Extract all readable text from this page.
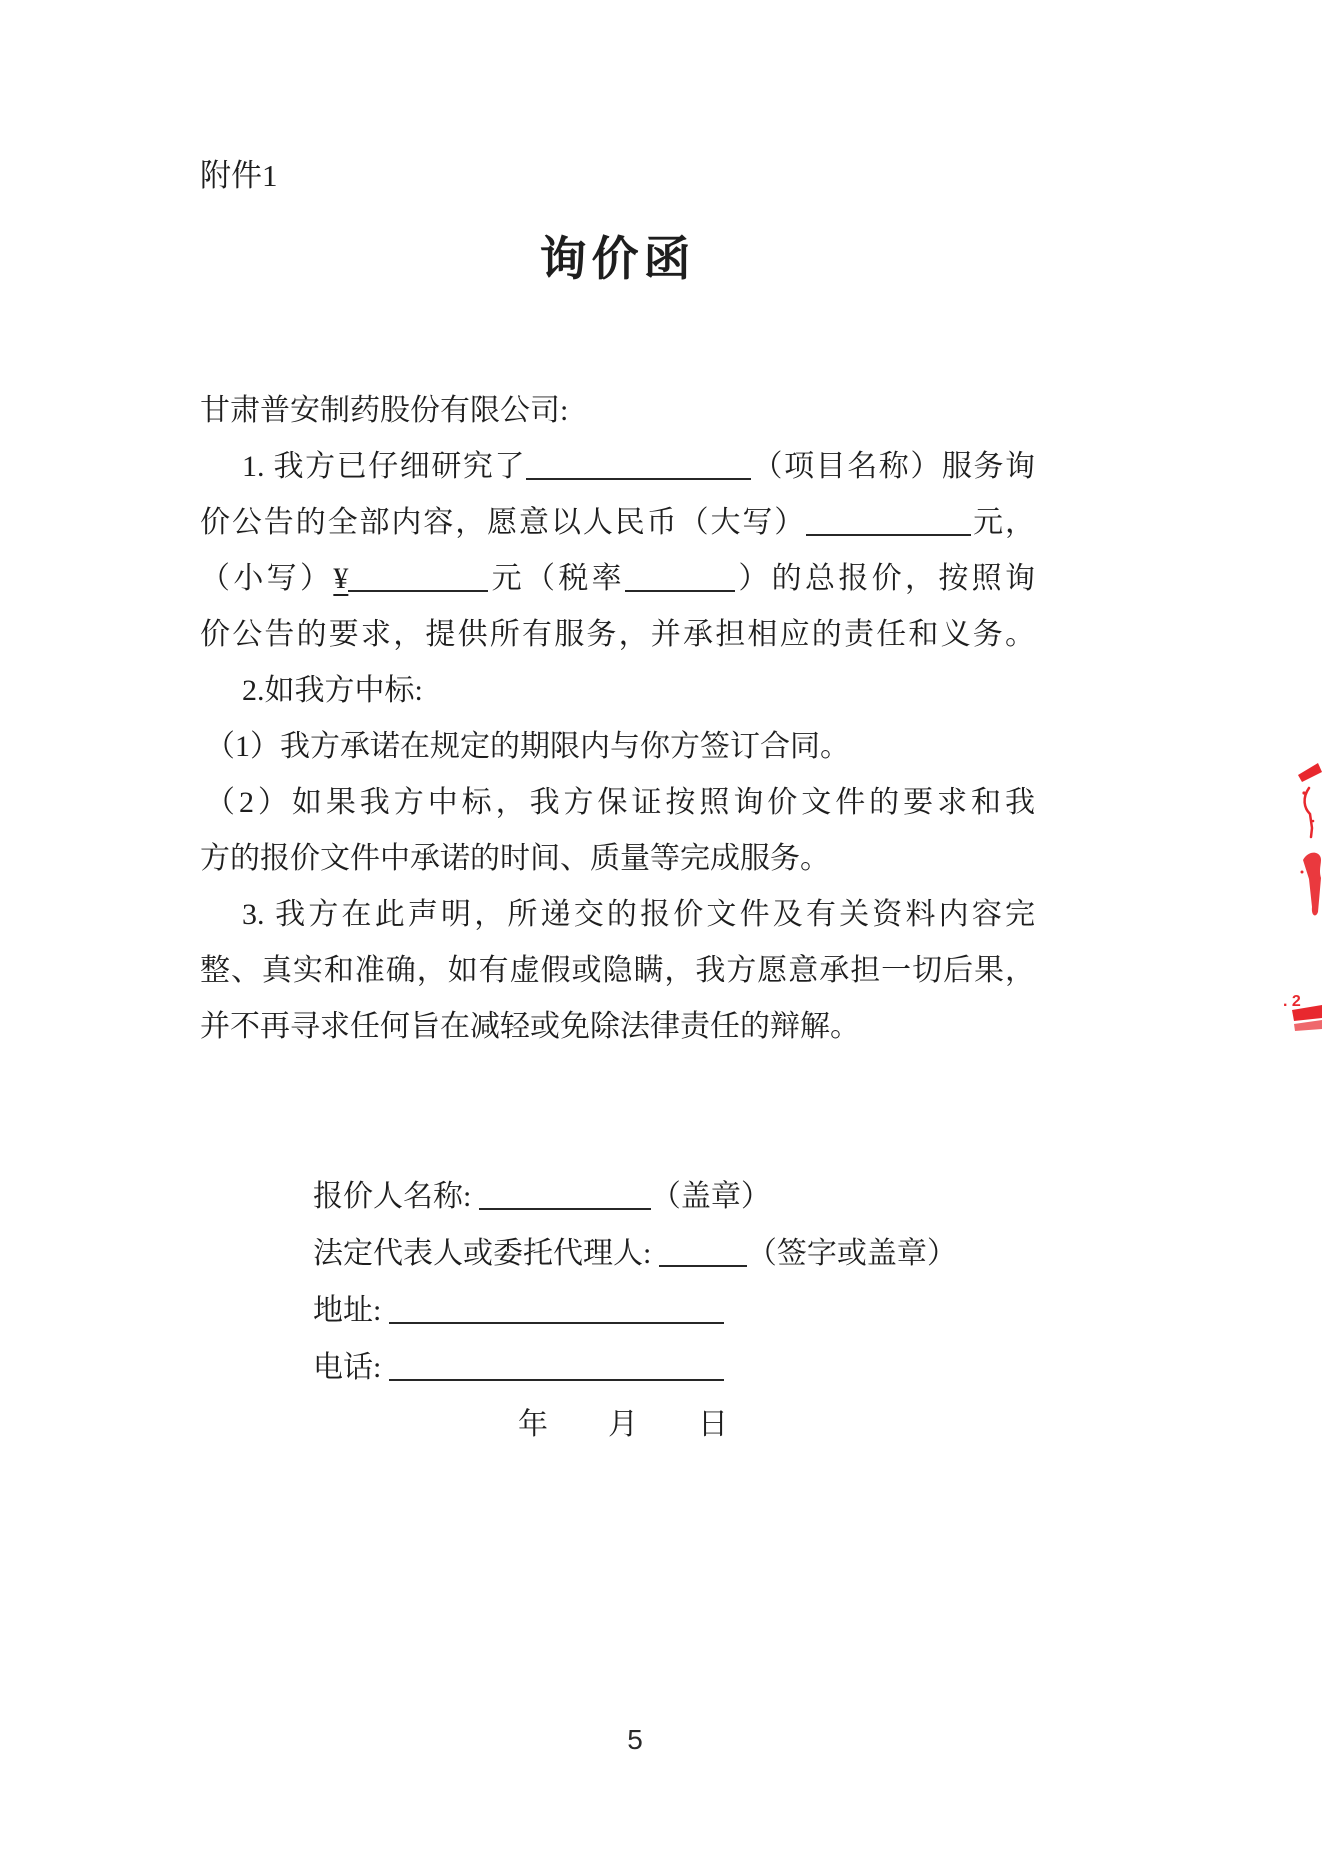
附件1
询价函
甘肃普安制药股份有限公司:
1. 我方已仔细研究了	（项目名称）服务询
价公告的全部内容，愿意以人民币（大写）	元，
（小写）¥	元（税率	）的总报价，按照询
价公告的要求，提供所有服务，并承担相应的责任和义务。
2.如我方中标:
（1）我方承诺在规定的期限内与你方签订合同。
（2）如果我方中标，我方保证按照询价文件的要求和我
方的报价文件中承诺的时间、质量等完成服务。
3. 我方在此声明，所递交的报价文件及有关资料内容完
整、真实和准确，如有虚假或隐瞒，我方愿意承担一切后果，
并不再寻求任何旨在减轻或免除法律责任的辩解。
报价人名称:	（盖章）
法定代表人或委托代理人:	（签字或盖章）
地址:
电话:
年　　月　　日
. 2
5
